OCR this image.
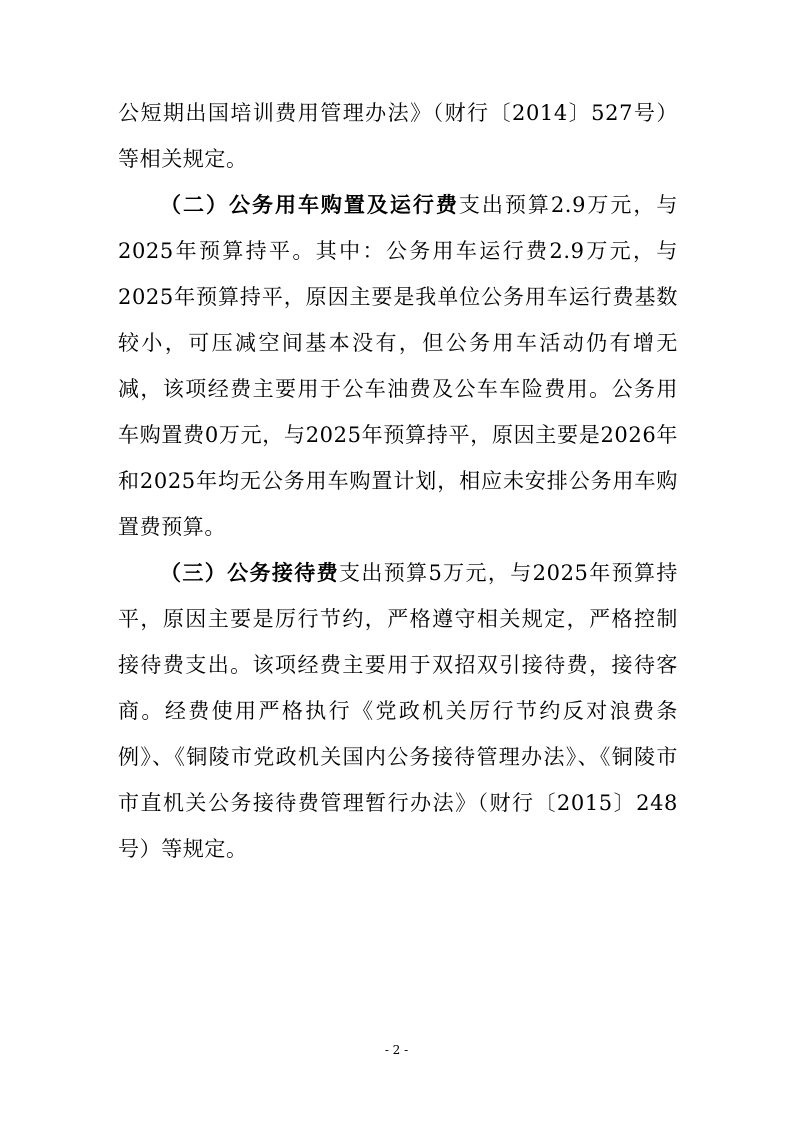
公短期出国培训费用管理办法》（财行〔2014〕527号）等相关规定。

（二）公务用车购置及运行费支出预算2.9万元，与2025年预算持平。其中：公务用车运行费2.9万元，与2025年预算持平，原因主要是我单位公务用车运行费基数较小，可压减空间基本没有，但公务用车活动仍有增无减，该项经费主要用于公车油费及公车车险费用。公务用车购置费0万元，与2025年预算持平，原因主要是2026年和2025年均无公务用车购置计划，相应未安排公务用车购置费预算。

（三）公务接待费支出预算5万元，与2025年预算持平，原因主要是厉行节约，严格遵守相关规定，严格控制接待费支出。该项经费主要用于双招双引接待费，接待客商。经费使用严格执行《党政机关厉行节约反对浪费条例》、《铜陵市党政机关国内公务接待管理办法》、《铜陵市市直机关公务接待费管理暂行办法》（财行〔2015〕248号）等规定。

- 2 -
